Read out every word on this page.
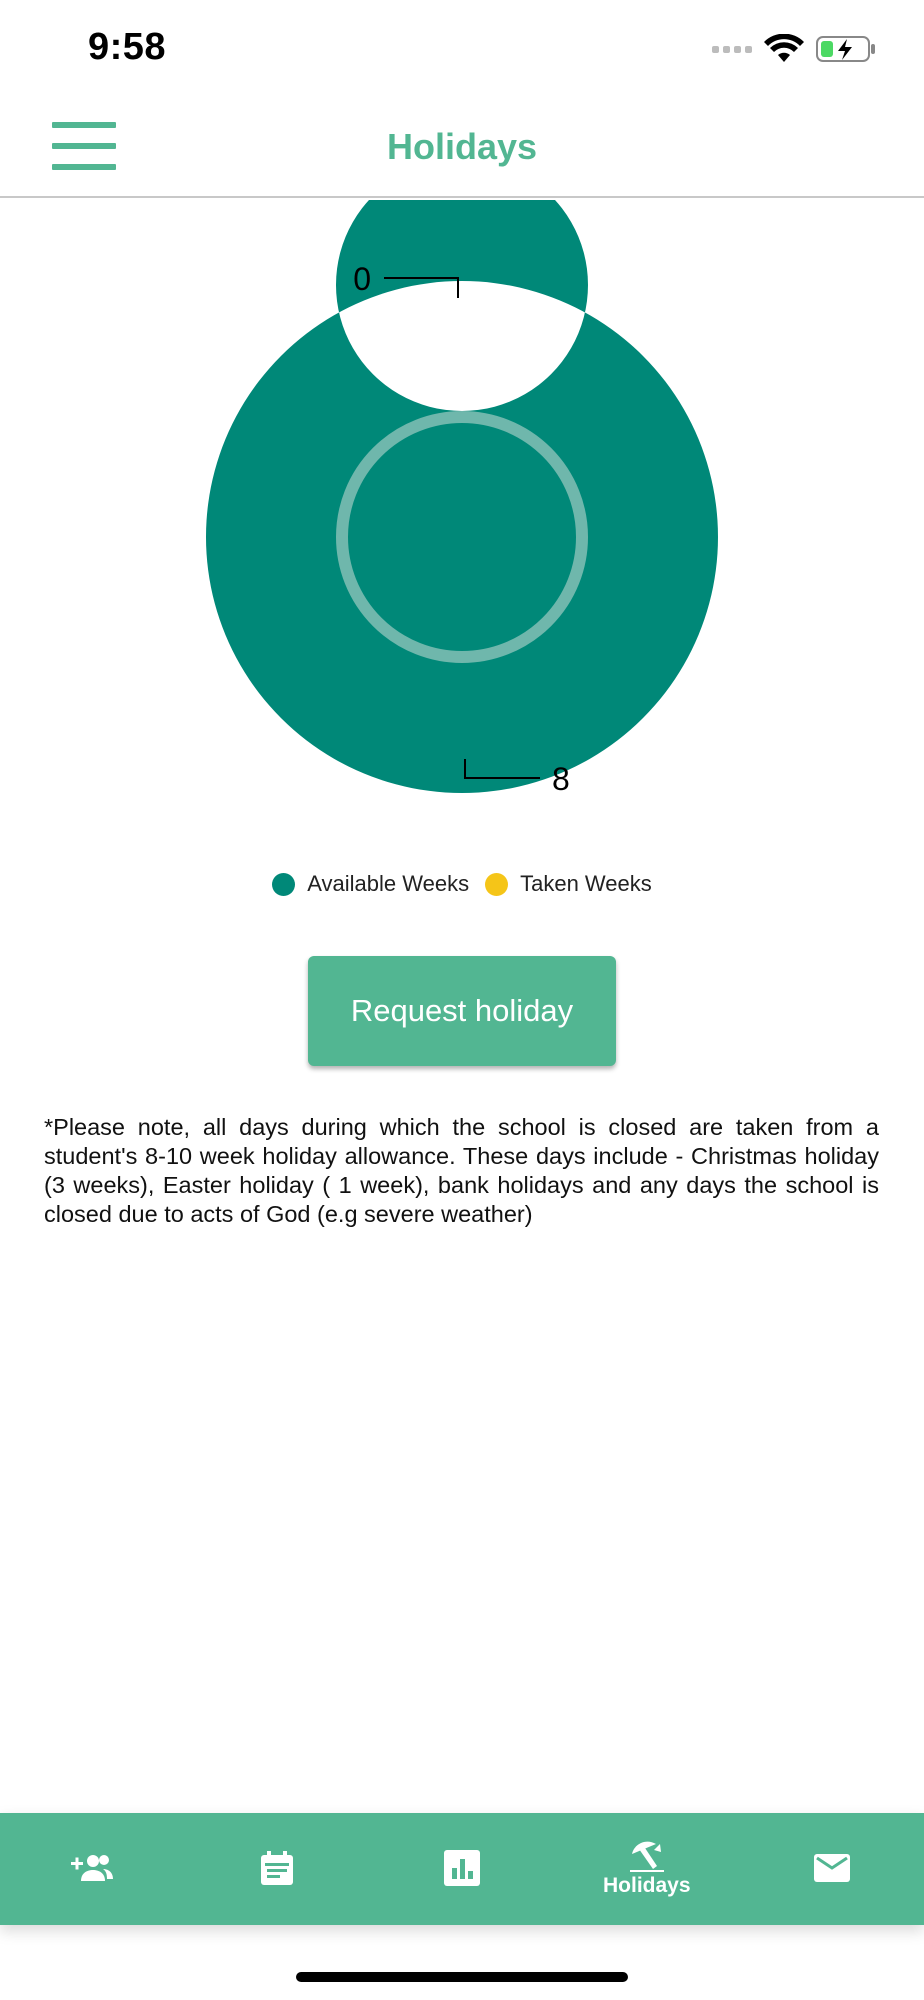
9:58
Holidays
8
0
Available Weeks Taken Weeks
Request holiday
*Please note, all days during which the school is closed are taken from a student's 8-10 week holiday allowance. These days include - Christmas holiday (3 weeks), Easter holiday ( 1 week), bank holidays and any days the school is closed due to acts of God (e.g severe weather)
Holidays
